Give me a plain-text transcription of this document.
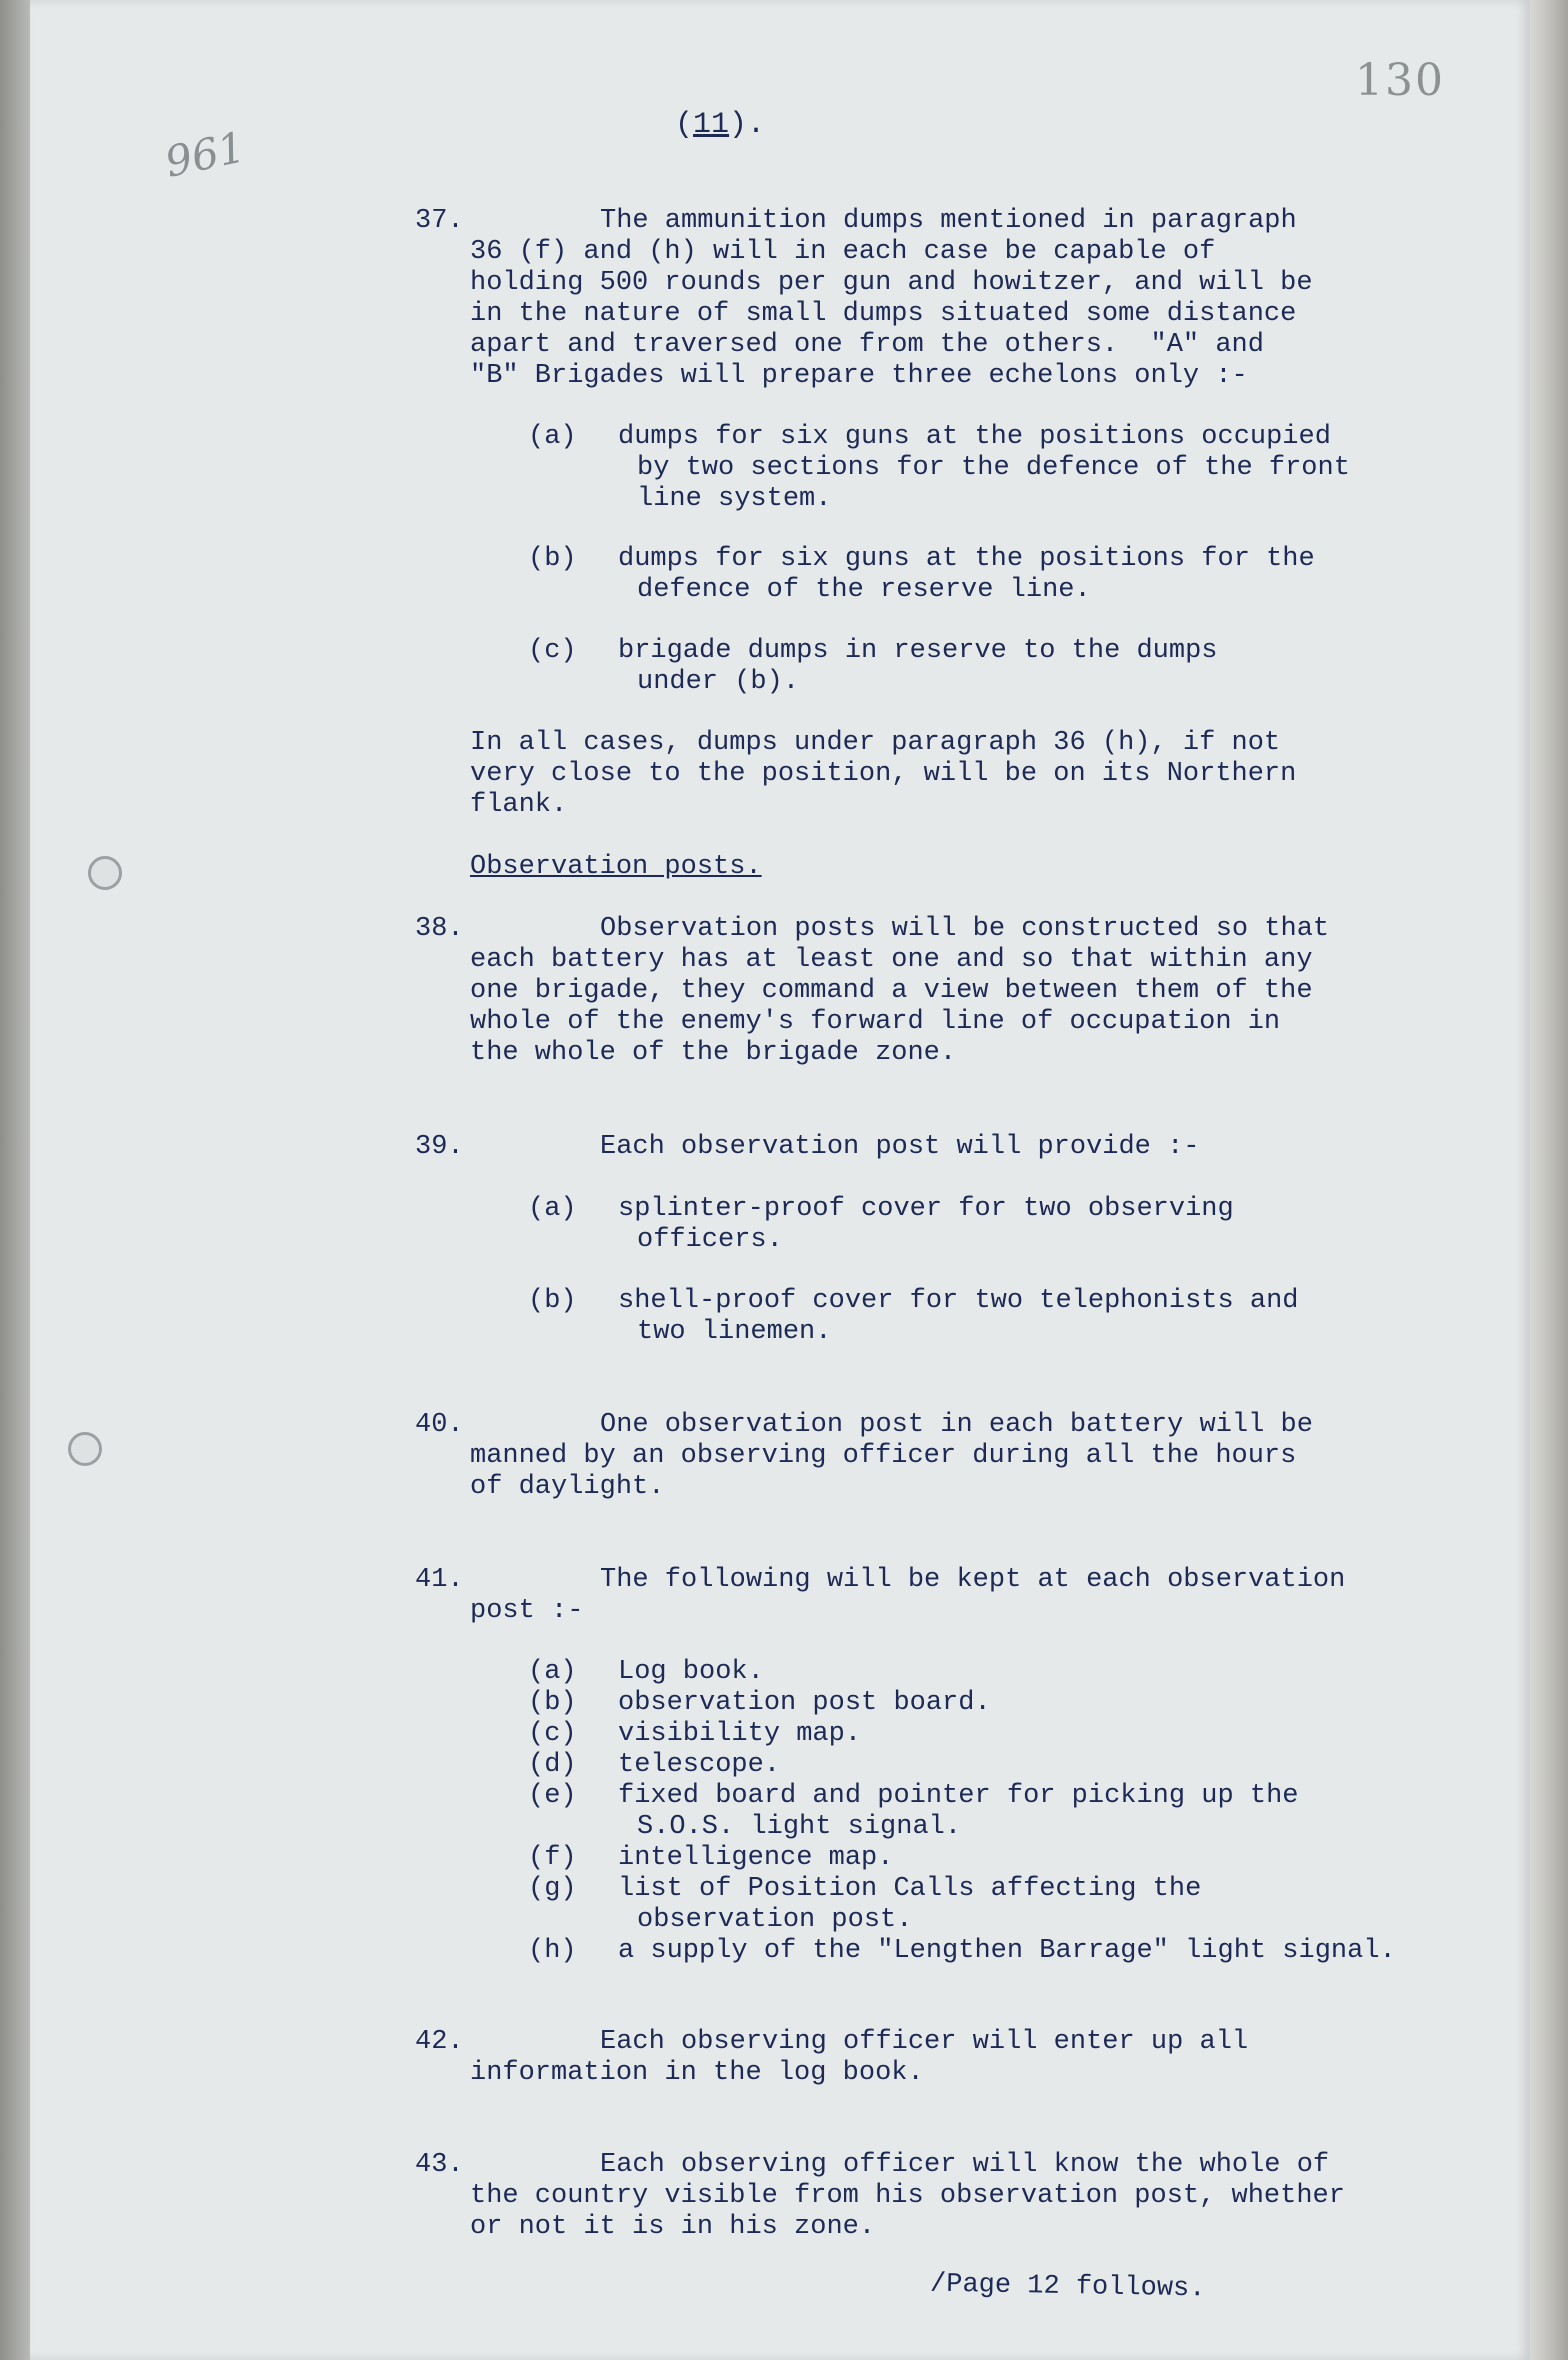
130
961	(11).
37.	The ammunition dumps mentioned in paragraph
36 (f) and (h) will in each case be capable of
holding 500 rounds per gun and howitzer, and will be
in the nature of small dumps situated some distance
apart and traversed one from the others.  "A" and
"B" Brigades will prepare three echelons only :-
(a) dumps for six guns at the positions occupied
by two sections for the defence of the front
line system.
(b) dumps for six guns at the positions for the
defence of the reserve line.
(c) brigade dumps in reserve to the dumps
under (b).
In all cases, dumps under paragraph 36 (h), if not
very close to the position, will be on its Northern
flank.
Observation posts.
38.	Observation posts will be constructed so that
each battery has at least one and so that within any
one brigade, they command a view between them of the
whole of the enemy's forward line of occupation in
the whole of the brigade zone.
39.	Each observation post will provide :-
(a) splinter-proof cover for two observing
officers.
(b) shell-proof cover for two telephonists and
two linemen.
40.	One observation post in each battery will be
manned by an observing officer during all the hours
of daylight.
41.	The following will be kept at each observation
post :-
(a) Log book.
(b) observation post board.
(c) visibility map.
(d) telescope.
(e) fixed board and pointer for picking up the
S.O.S. light signal.
(f) intelligence map.
(g) list of Position Calls affecting the
observation post.
(h) a supply of the "Lengthen Barrage" light signal.
42.	Each observing officer will enter up all
information in the log book.
43.	Each observing officer will know the whole of
the country visible from his observation post, whether
or not it is in his zone.
/Page 12 follows.
